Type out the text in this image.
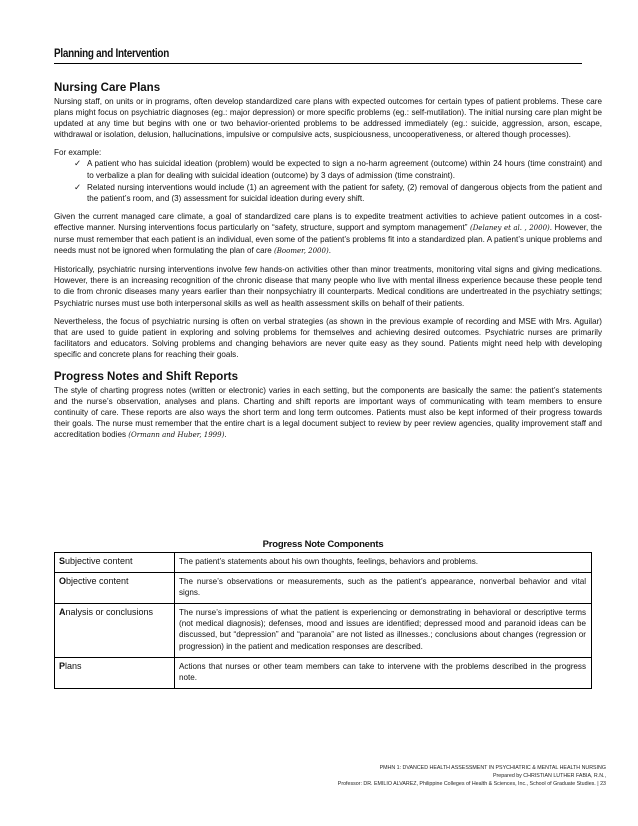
Planning and Intervention
Nursing Care Plans

Nursing staff, on units or in programs, often develop standardized care plans with expected outcomes for certain types of patient problems. These care plans might focus on psychiatric diagnoses (eg.: major depression) or more specific problems (eg.: self-mutilation). The initial nursing care plan might be updated at any time but begins with one or two behavior-oriented problems to be addressed immediately (eg.: suicide, aggression, arson, escape, withdrawal or isolation, delusion, hallucinations, impulsive or compulsive acts, suspiciousness, uncooperativeness, or altered though processes).

For example:

✓ A patient who has suicidal ideation (problem) would be expected to sign a no-harm agreement (outcome) within 24 hours (time constraint) and to verbalize a plan for dealing with suicidal ideation (outcome) by 3 days of admission (time constraint).
✓ Related nursing interventions would include (1) an agreement with the patient for safety, (2) removal of dangerous objects from the patient and the patient’s room, and (3) assessment for suicidal ideation during every shift.

Given the current managed care climate, a goal of standardized care plans is to expedite treatment activities to achieve patient outcomes in a cost-effective manner. Nursing interventions focus particularly on “safety, structure, support and symptom management” (Delaney et al. , 2000). However, the nurse must remember that each patient is an individual, even some of the patient’s problems fit into a standardized plan. A patient’s unique problems and needs must not be ignored when formulating the plan of care (Boomer, 2000).

Historically, psychiatric nursing interventions involve few hands-on activities other than minor treatments, monitoring vital signs and giving medications. However, there is an increasing recognition of the chronic disease that many people who live with mental illness experience because these people tend to die from chronic diseases many years earlier than their nonpsychiatry ill counterparts. Medical conditions are undertreated in the psychiatry settings; Psychiatric nurses must use both interpersonal skills as well as health assessment skills on behalf of their patients.

Nevertheless, the focus of psychiatric nursing is often on verbal strategies (as shown in the previous example of recording and MSE with Mrs. Aguilar) that are used to guide patient in exploring and solving problems for themselves and achieving desired outcomes. Psychiatric nurses are primarily facilitators and educators. Solving problems and changing behaviors are never quite easy as they sound. Patients might need help with developing specific and concrete plans for reaching their goals.

Progress Notes and Shift Reports

The style of charting progress notes (written or electronic) varies in each setting, but the components are basically the same: the patient’s statements and the nurse’s observation, analyses and plans. Charting and shift reports are important ways of communicating with team members to ensure continuity of care. These reports are also ways the short term and long term outcomes. Patients must also be kept informed of their progress towards their goals. The nurse must remember that the entire chart is a legal document subject to review by peer review agencies, quality improvement staff and accreditation bodies (Ormann and Huber, 1999).

Progress Note Components	
Subjective content	The patient’s statements about his own thoughts, feelings, behaviors and problems.
Objective content	The nurse’s observations or measurements, such as the patient’s appearance, nonverbal behavior and vital signs.
Analysis or conclusions	The nurse’s impressions of what the patient is experiencing or demonstrating in behavioral or descriptive terms (not medical diagnosis); defenses, mood and issues are identified; depressed mood and paranoid ideas can be discussed, but “depression” and “paranoia” are not listed as illnesses.; conclusions about changes (regression or progression) in the patient and medication responses are described.
Plans	Actions that nurses or other team members can take to intervene with the problems described in the progress note.
PMHN 1: DVANCED HEALTH ASSESSMENT IN PSYCHIATRIC & MENTAL HEALTH NURSING
Prepared by CHRISTIAN LUTHER FABIA, R.N.,
Professor: DR. EMILIO ALVAREZ, Philippine Colleges of Health & Sciences, Inc., School of Graduate Studies. | 23
